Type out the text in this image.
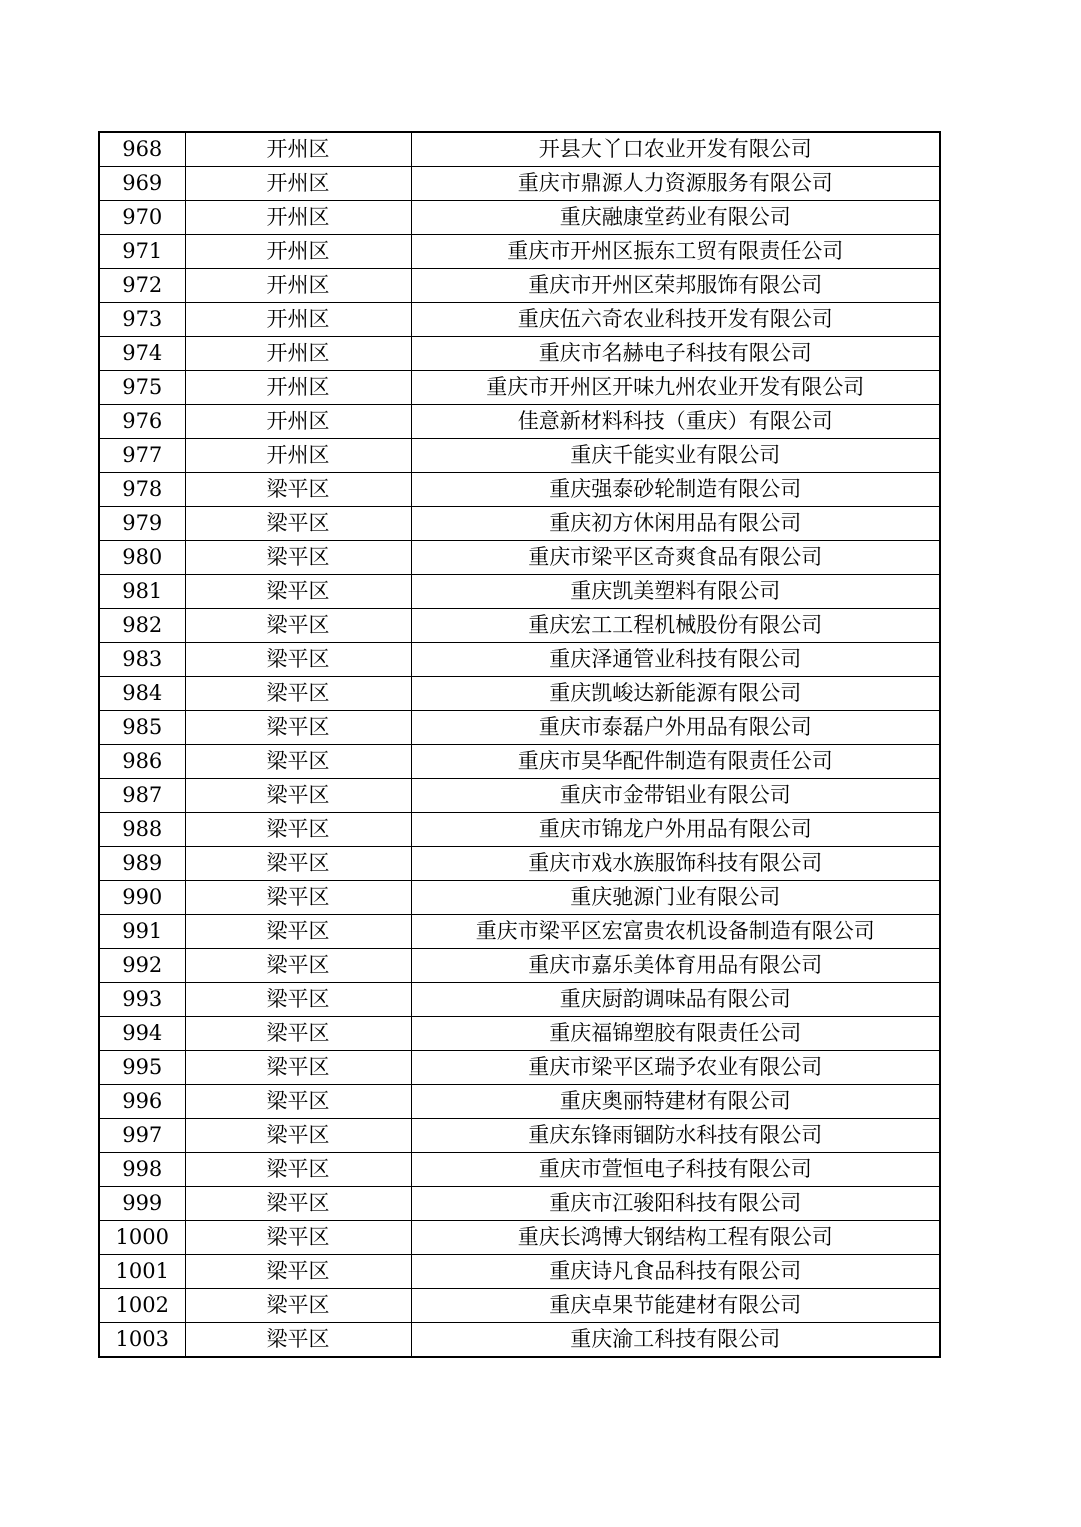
968	开州区	开县大丫口农业开发有限公司
969	开州区	重庆市鼎源人力资源服务有限公司
970	开州区	重庆融康堂药业有限公司
971	开州区	重庆市开州区振东工贸有限责任公司
972	开州区	重庆市开州区荣邦服饰有限公司
973	开州区	重庆伍六奇农业科技开发有限公司
974	开州区	重庆市名赫电子科技有限公司
975	开州区	重庆市开州区开味九州农业开发有限公司
976	开州区	佳意新材料科技（重庆）有限公司
977	开州区	重庆千能实业有限公司
978	梁平区	重庆强泰砂轮制造有限公司
979	梁平区	重庆初方休闲用品有限公司
980	梁平区	重庆市梁平区奇爽食品有限公司
981	梁平区	重庆凯美塑料有限公司
982	梁平区	重庆宏工工程机械股份有限公司
983	梁平区	重庆泽通管业科技有限公司
984	梁平区	重庆凯峻达新能源有限公司
985	梁平区	重庆市泰磊户外用品有限公司
986	梁平区	重庆市昊华配件制造有限责任公司
987	梁平区	重庆市金带铝业有限公司
988	梁平区	重庆市锦龙户外用品有限公司
989	梁平区	重庆市戏水族服饰科技有限公司
990	梁平区	重庆驰源门业有限公司
991	梁平区	重庆市梁平区宏富贵农机设备制造有限公司
992	梁平区	重庆市嘉乐美体育用品有限公司
993	梁平区	重庆厨韵调味品有限公司
994	梁平区	重庆福锦塑胶有限责任公司
995	梁平区	重庆市梁平区瑞予农业有限公司
996	梁平区	重庆奥丽特建材有限公司
997	梁平区	重庆东锋雨锢防水科技有限公司
998	梁平区	重庆市萱恒电子科技有限公司
999	梁平区	重庆市江骏阳科技有限公司
1000	梁平区	重庆长鸿博大钢结构工程有限公司
1001	梁平区	重庆诗凡食品科技有限公司
1002	梁平区	重庆卓果节能建材有限公司
1003	梁平区	重庆渝工科技有限公司
